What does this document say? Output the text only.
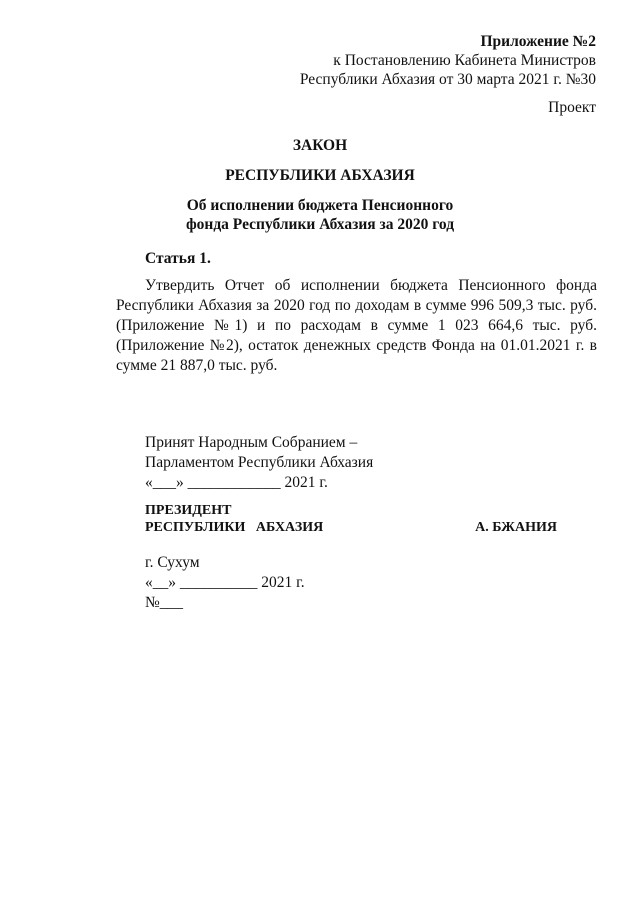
Приложение №2
к Постановлению Кабинета Министров
Республики Абхазия от 30 марта 2021 г. №30
Проект
ЗАКОН
РЕСПУБЛИКИ АБХАЗИЯ
Об исполнении бюджета Пенсионного
фонда Республики Абхазия за 2020 год
Статья 1.
Утвердить Отчет об исполнении бюджета Пенсионного фонда Республики Абхазия за 2020 год по доходам в сумме 996 509,3 тыс. руб. (Приложение №1) и по расходам в сумме 1 023 664,6 тыс. руб. (Приложение №2), остаток денежных средств Фонда на 01.01.2021 г. в сумме 21 887,0 тыс. руб.
Принят Народным Собранием –
Парламентом Республики Абхазия
«___» ____________ 2021 г.
ПРЕЗИДЕНТ
РЕСПУБЛИКИ   АБХАЗИЯ	А. БЖАНИЯ
г. Сухум
«__» __________ 2021 г.
№___
